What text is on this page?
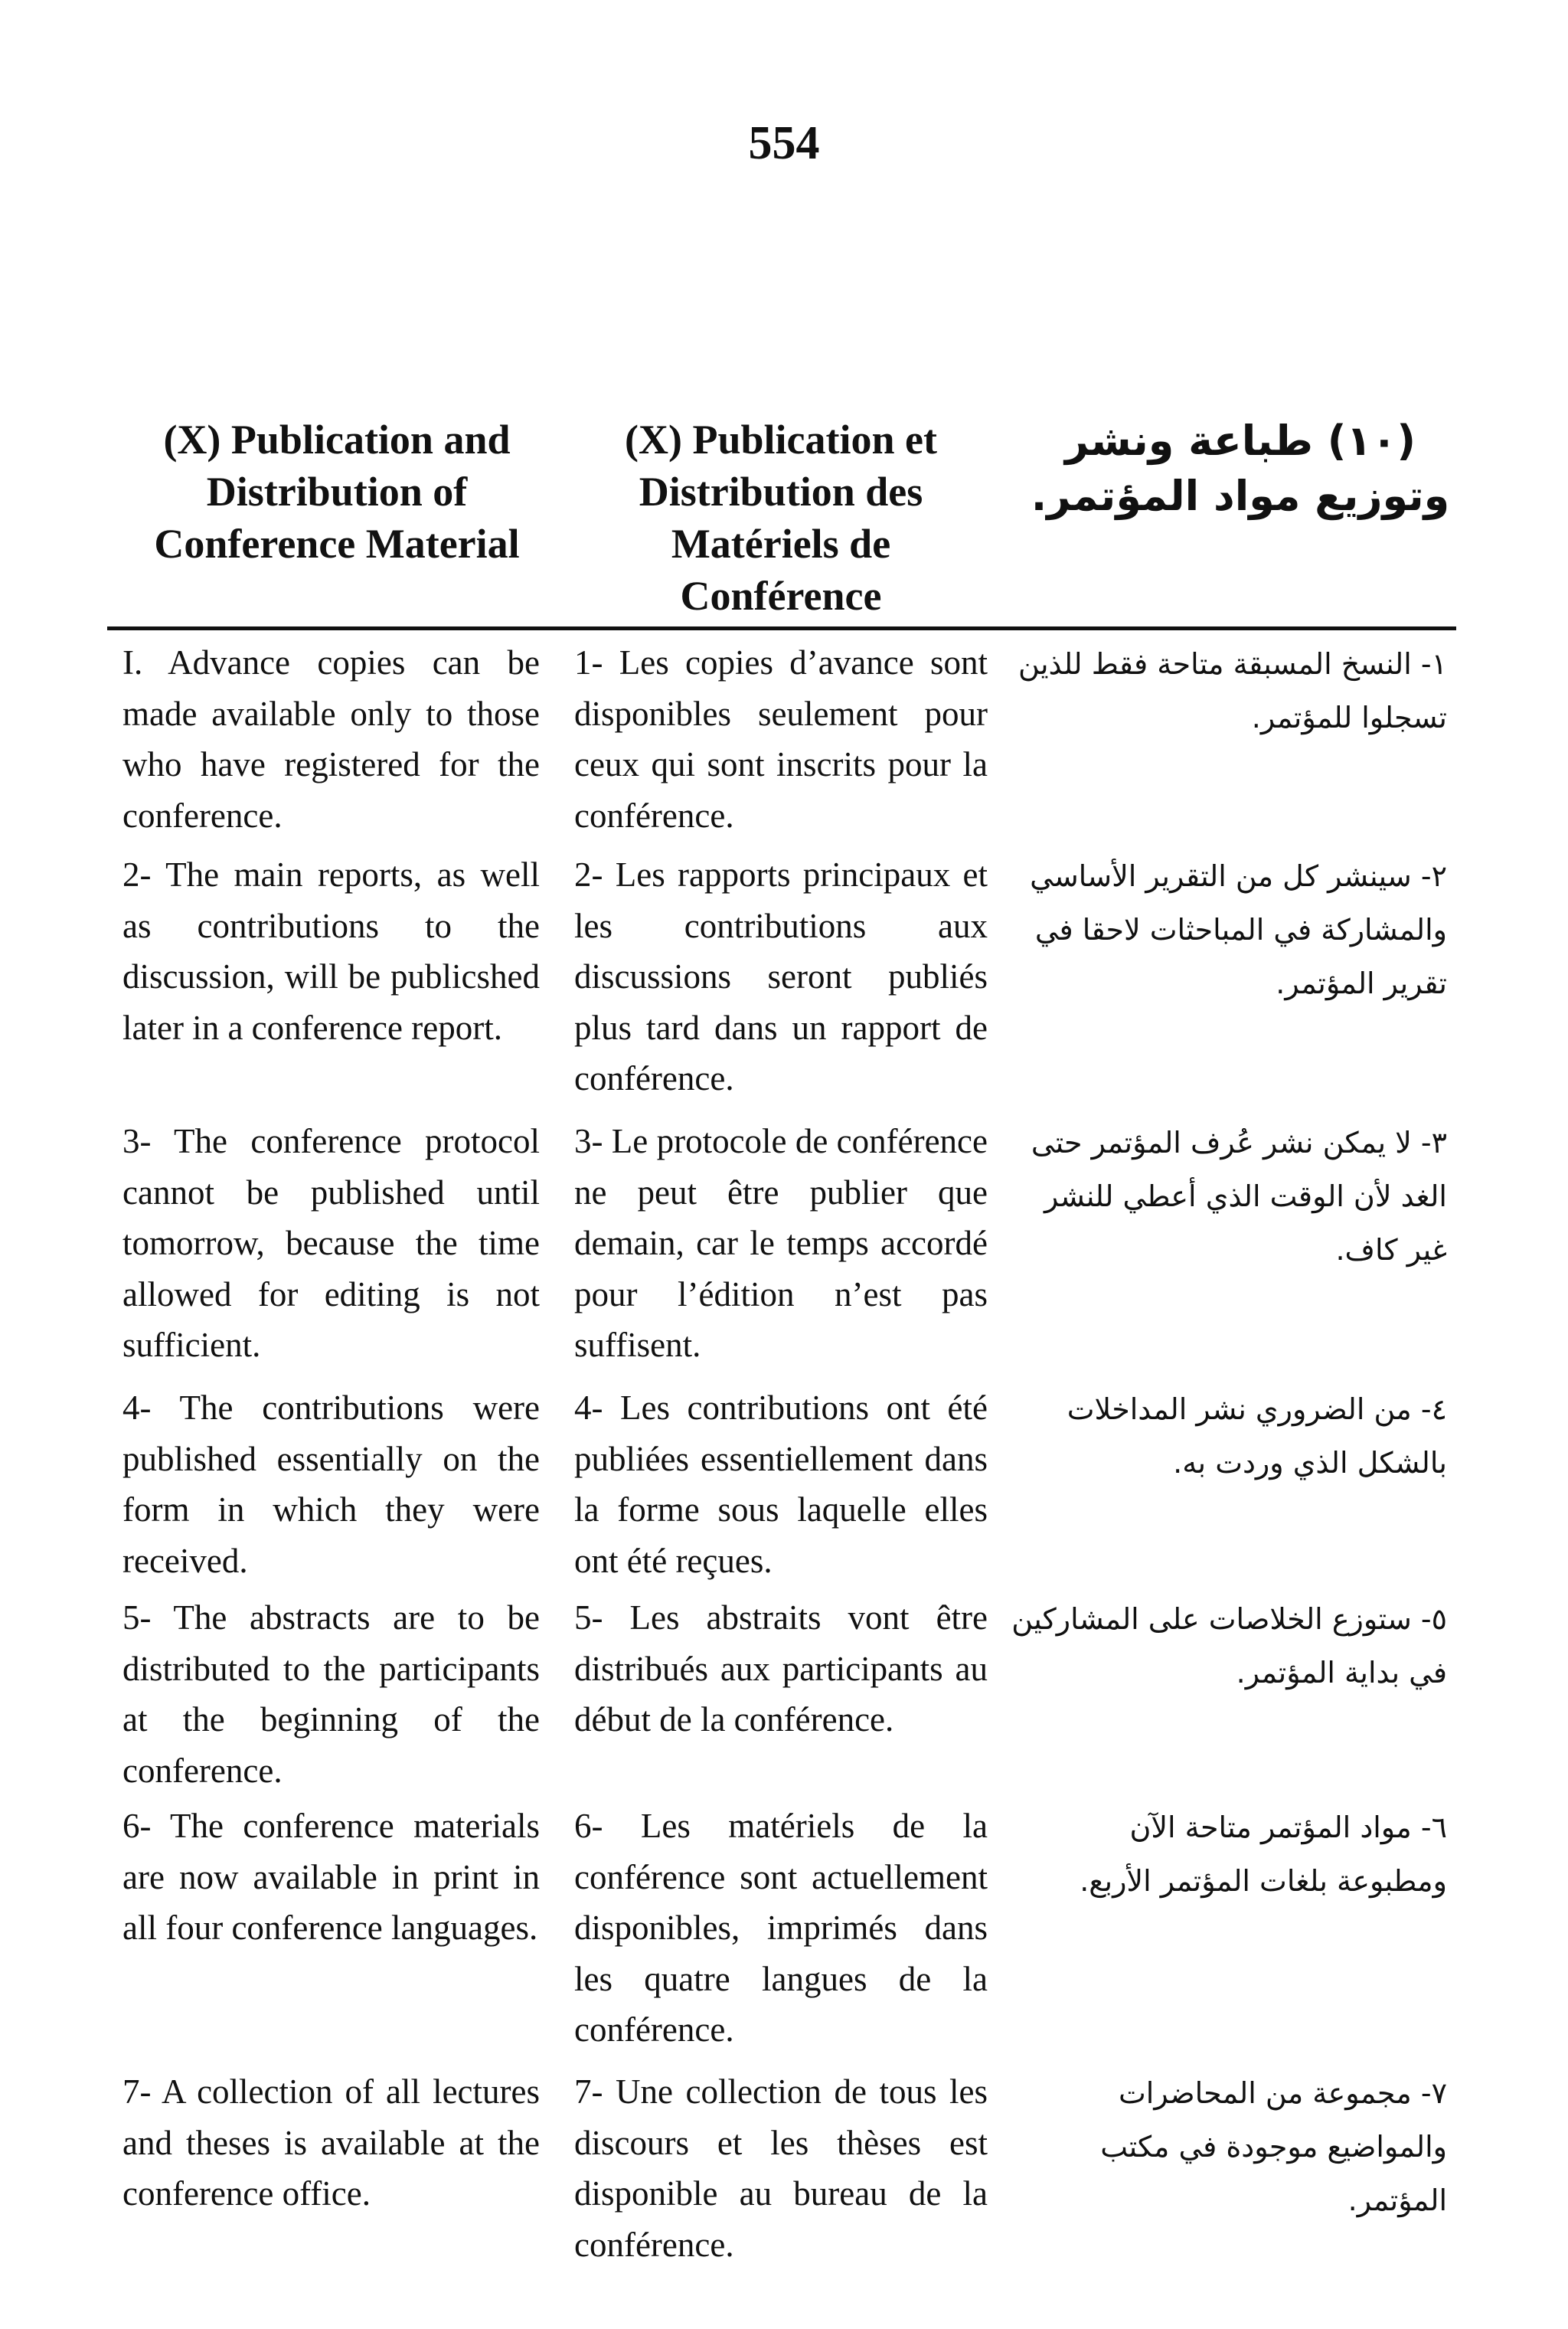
554
(X) Publication and Distribution of Conference Material
(X) Publication et Distribution des Matériels de Conférence
(١٠) طباعة ونشر وتوزيع مواد المؤتمر.
I. Advance copies can be made available only to those who have registered for the conference.
1- Les copies d’avance sont disponibles seulement pour ceux qui sont inscrits pour la conférence.
١- النسخ المسبقة متاحة فقط للذين تسجلوا للمؤتمر.
2- The main reports, as well as contributions to the discussion, will be publicshed later in a conference report.
2- Les rapports principaux et les contributions aux discussions seront publiés plus tard dans un rapport de conférence.
٢- سينشر كل من التقرير الأساسي والمشاركة في المباحثات لاحقا في تقرير المؤتمر.
3- The conference protocol cannot be published until tomorrow, because the time allowed for editing is not sufficient.
3- Le protocole de conférence ne peut être publier que demain, car le temps accordé pour l’édition n’est pas suffisent.
٣- لا يمكن نشر عُرف المؤتمر حتى الغد لأن الوقت الذي أعطي للنشر غير كاف.
4- The contributions were published essentially on the form in which they were received.
4- Les contributions ont été publiées essentiellement dans la forme sous laquelle elles ont été reçues.
٤- من الضروري نشر المداخلات بالشكل الذي وردت به.
5- The abstracts are to be distributed to the participants at the beginning of the conference.
5- Les abstraits vont être distribués aux participants au début de la conférence.
٥- ستوزع الخلاصات على المشاركين في بداية المؤتمر.
6- The conference materials are now available in print in all four conference languages.
6- Les matériels de la conférence sont actuellement disponibles, imprimés dans les quatre langues de la conférence.
٦- مواد المؤتمر متاحة الآن ومطبوعة بلغات المؤتمر الأربع.
7- A collection of all lectures and theses is available at the conference office.
7- Une collection de tous les discours et les thèses est disponible au bureau de la conférence.
٧- مجموعة من المحاضرات والمواضيع موجودة في مكتب المؤتمر.
